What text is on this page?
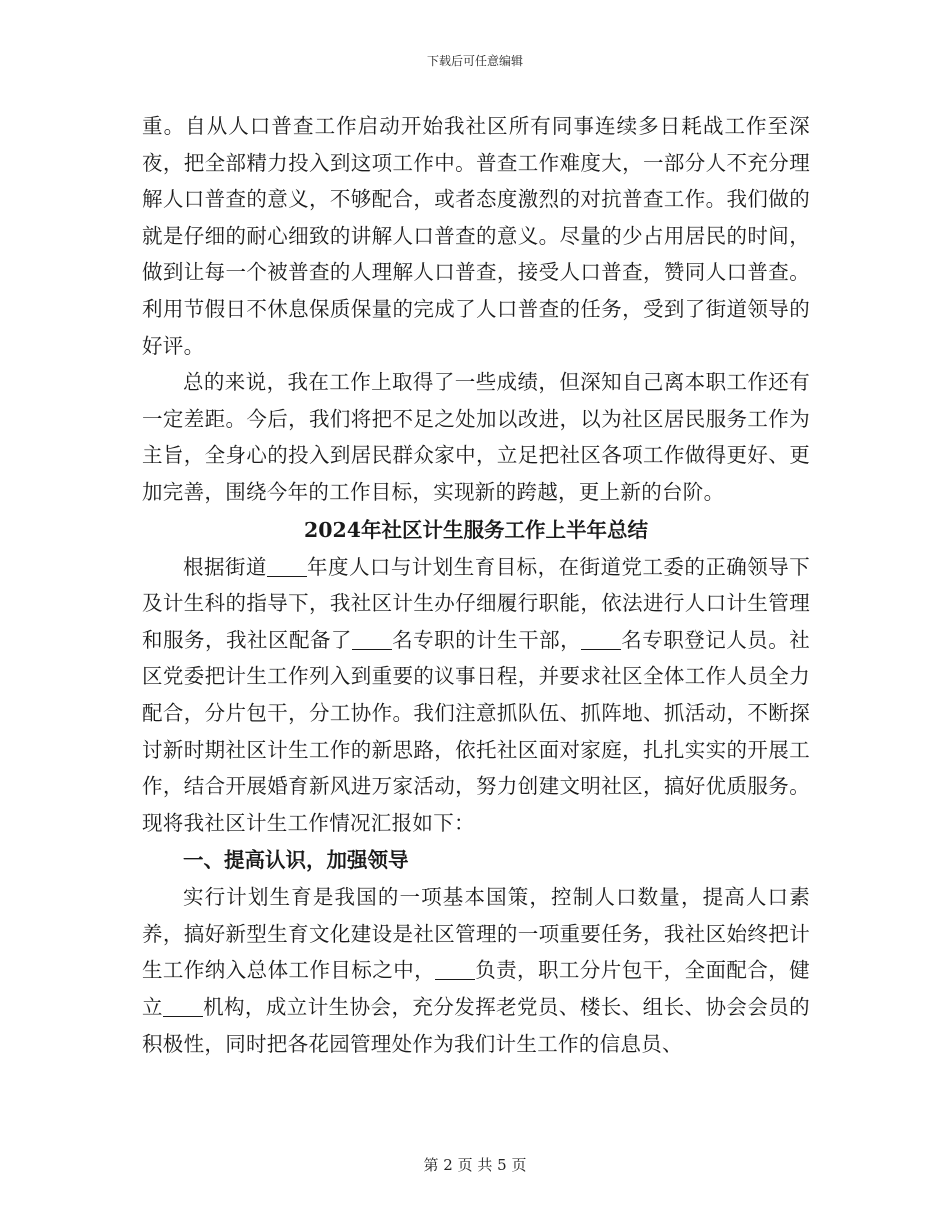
下载后可任意编辑

重。自从人口普查工作启动开始我社区所有同事连续多日耗战工作至深夜，把全部精力投入到这项工作中。普查工作难度大，一部分人不充分理解人口普查的意义，不够配合，或者态度激烈的对抗普查工作。我们做的就是仔细的耐心细致的讲解人口普查的意义。尽量的少占用居民的时间，做到让每一个被普查的人理解人口普查，接受人口普查，赞同人口普查。利用节假日不休息保质保量的完成了人口普查的任务，受到了街道领导的好评。

总的来说，我在工作上取得了一些成绩，但深知自己离本职工作还有一定差距。今后，我们将把不足之处加以改进，以为社区居民服务工作为主旨，全身心的投入到居民群众家中，立足把社区各项工作做得更好、更加完善，围绕今年的工作目标，实现新的跨越，更上新的台阶。

2024年社区计生服务工作上半年总结

根据街道 年度人口与计划生育目标，在街道党工委的正确领导下及计生科的指导下，我社区计生办仔细履行职能，依法进行人口计生管理和服务，我社区配备了 名专职的计生干部， 名专职登记人员。社区党委把计生工作列入到重要的议事日程，并要求社区全体工作人员全力配合，分片包干，分工协作。我们注意抓队伍、抓阵地、抓活动，不断探讨新时期社区计生工作的新思路，依托社区面对家庭，扎扎实实的开展工作，结合开展婚育新风进万家活动，努力创建文明社区，搞好优质服务。现将我社区计生工作情况汇报如下：

一、提高认识，加强领导

实行计划生育是我国的一项基本国策，控制人口数量，提高人口素养，搞好新型生育文化建设是社区管理的一项重要任务，我社区始终把计生工作纳入总体工作目标之中， 负责，职工分片包干，全面配合，健立 机构，成立计生协会，充分发挥老党员、楼长、组长、协会会员的积极性，同时把各花园管理处作为我们计生工作的信息员、

第 2 页 共 5 页
